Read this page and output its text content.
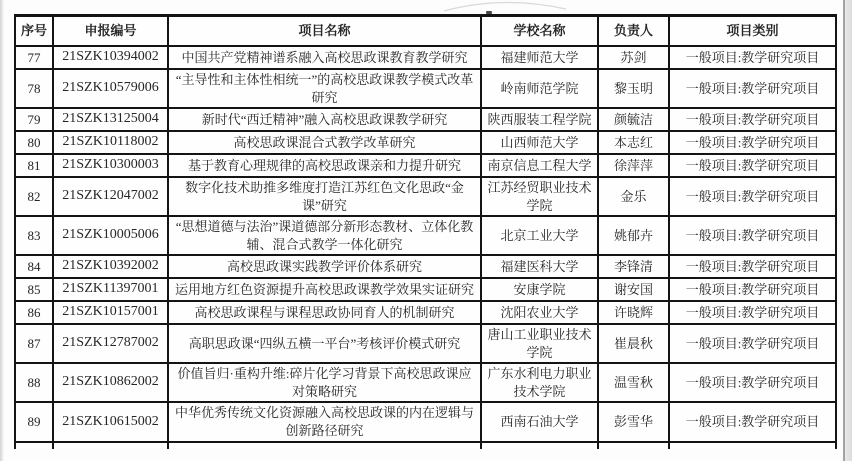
序号	申报编号	项目名称	学校名称	负责人	项目类别
77	21SZK10394002	中国共产党精神谱系融入高校思政课教育教学研究	福建师范大学	苏剑	一般项目:教学研究项目
78	21SZK10579006	“主导性和主体性相统一”的高校思政课教学模式改革研究	岭南师范学院	黎玉明	一般项目:教学研究项目
79	21SZK13125004	新时代“西迁精神”融入高校思政课教学研究	陕西服装工程学院	颜毓洁	一般项目:教学研究项目
80	21SZK10118002	高校思政课混合式教学改革研究	山西师范大学	本志红	一般项目:教学研究项目
81	21SZK10300003	基于教育心理规律的高校思政课亲和力提升研究	南京信息工程大学	徐萍萍	一般项目:教学研究项目
82	21SZK12047002	数字化技术助推多维度打造江苏红色文化思政“金课”研究	江苏经贸职业技术学院	金乐	一般项目:教学研究项目
83	21SZK10005006	“思想道德与法治”课道德部分新形态教材、立体化教辅、混合式教学一体化研究	北京工业大学	姚郁卉	一般项目:教学研究项目
84	21SZK10392002	高校思政课实践教学评价体系研究	福建医科大学	李锋清	一般项目:教学研究项目
85	21SZK11397001	运用地方红色资源提升高校思政课教学效果实证研究	安康学院	谢安国	一般项目:教学研究项目
86	21SZK10157001	高校思政课程与课程思政协同育人的机制研究	沈阳农业大学	许晓辉	一般项目:教学研究项目
87	21SZK12787002	高职思政课“四纵五横一平台”考核评价模式研究	唐山工业职业技术学院	崔晨秋	一般项目:教学研究项目
88	21SZK10862002	价值旨归·重构升维:碎片化学习背景下高校思政课应对策略研究	广东水利电力职业技术学院	温雪秋	一般项目:教学研究项目
89	21SZK10615002	中华优秀传统文化资源融入高校思政课的内在逻辑与创新路径研究	西南石油大学	彭雪华	一般项目:教学研究项目
